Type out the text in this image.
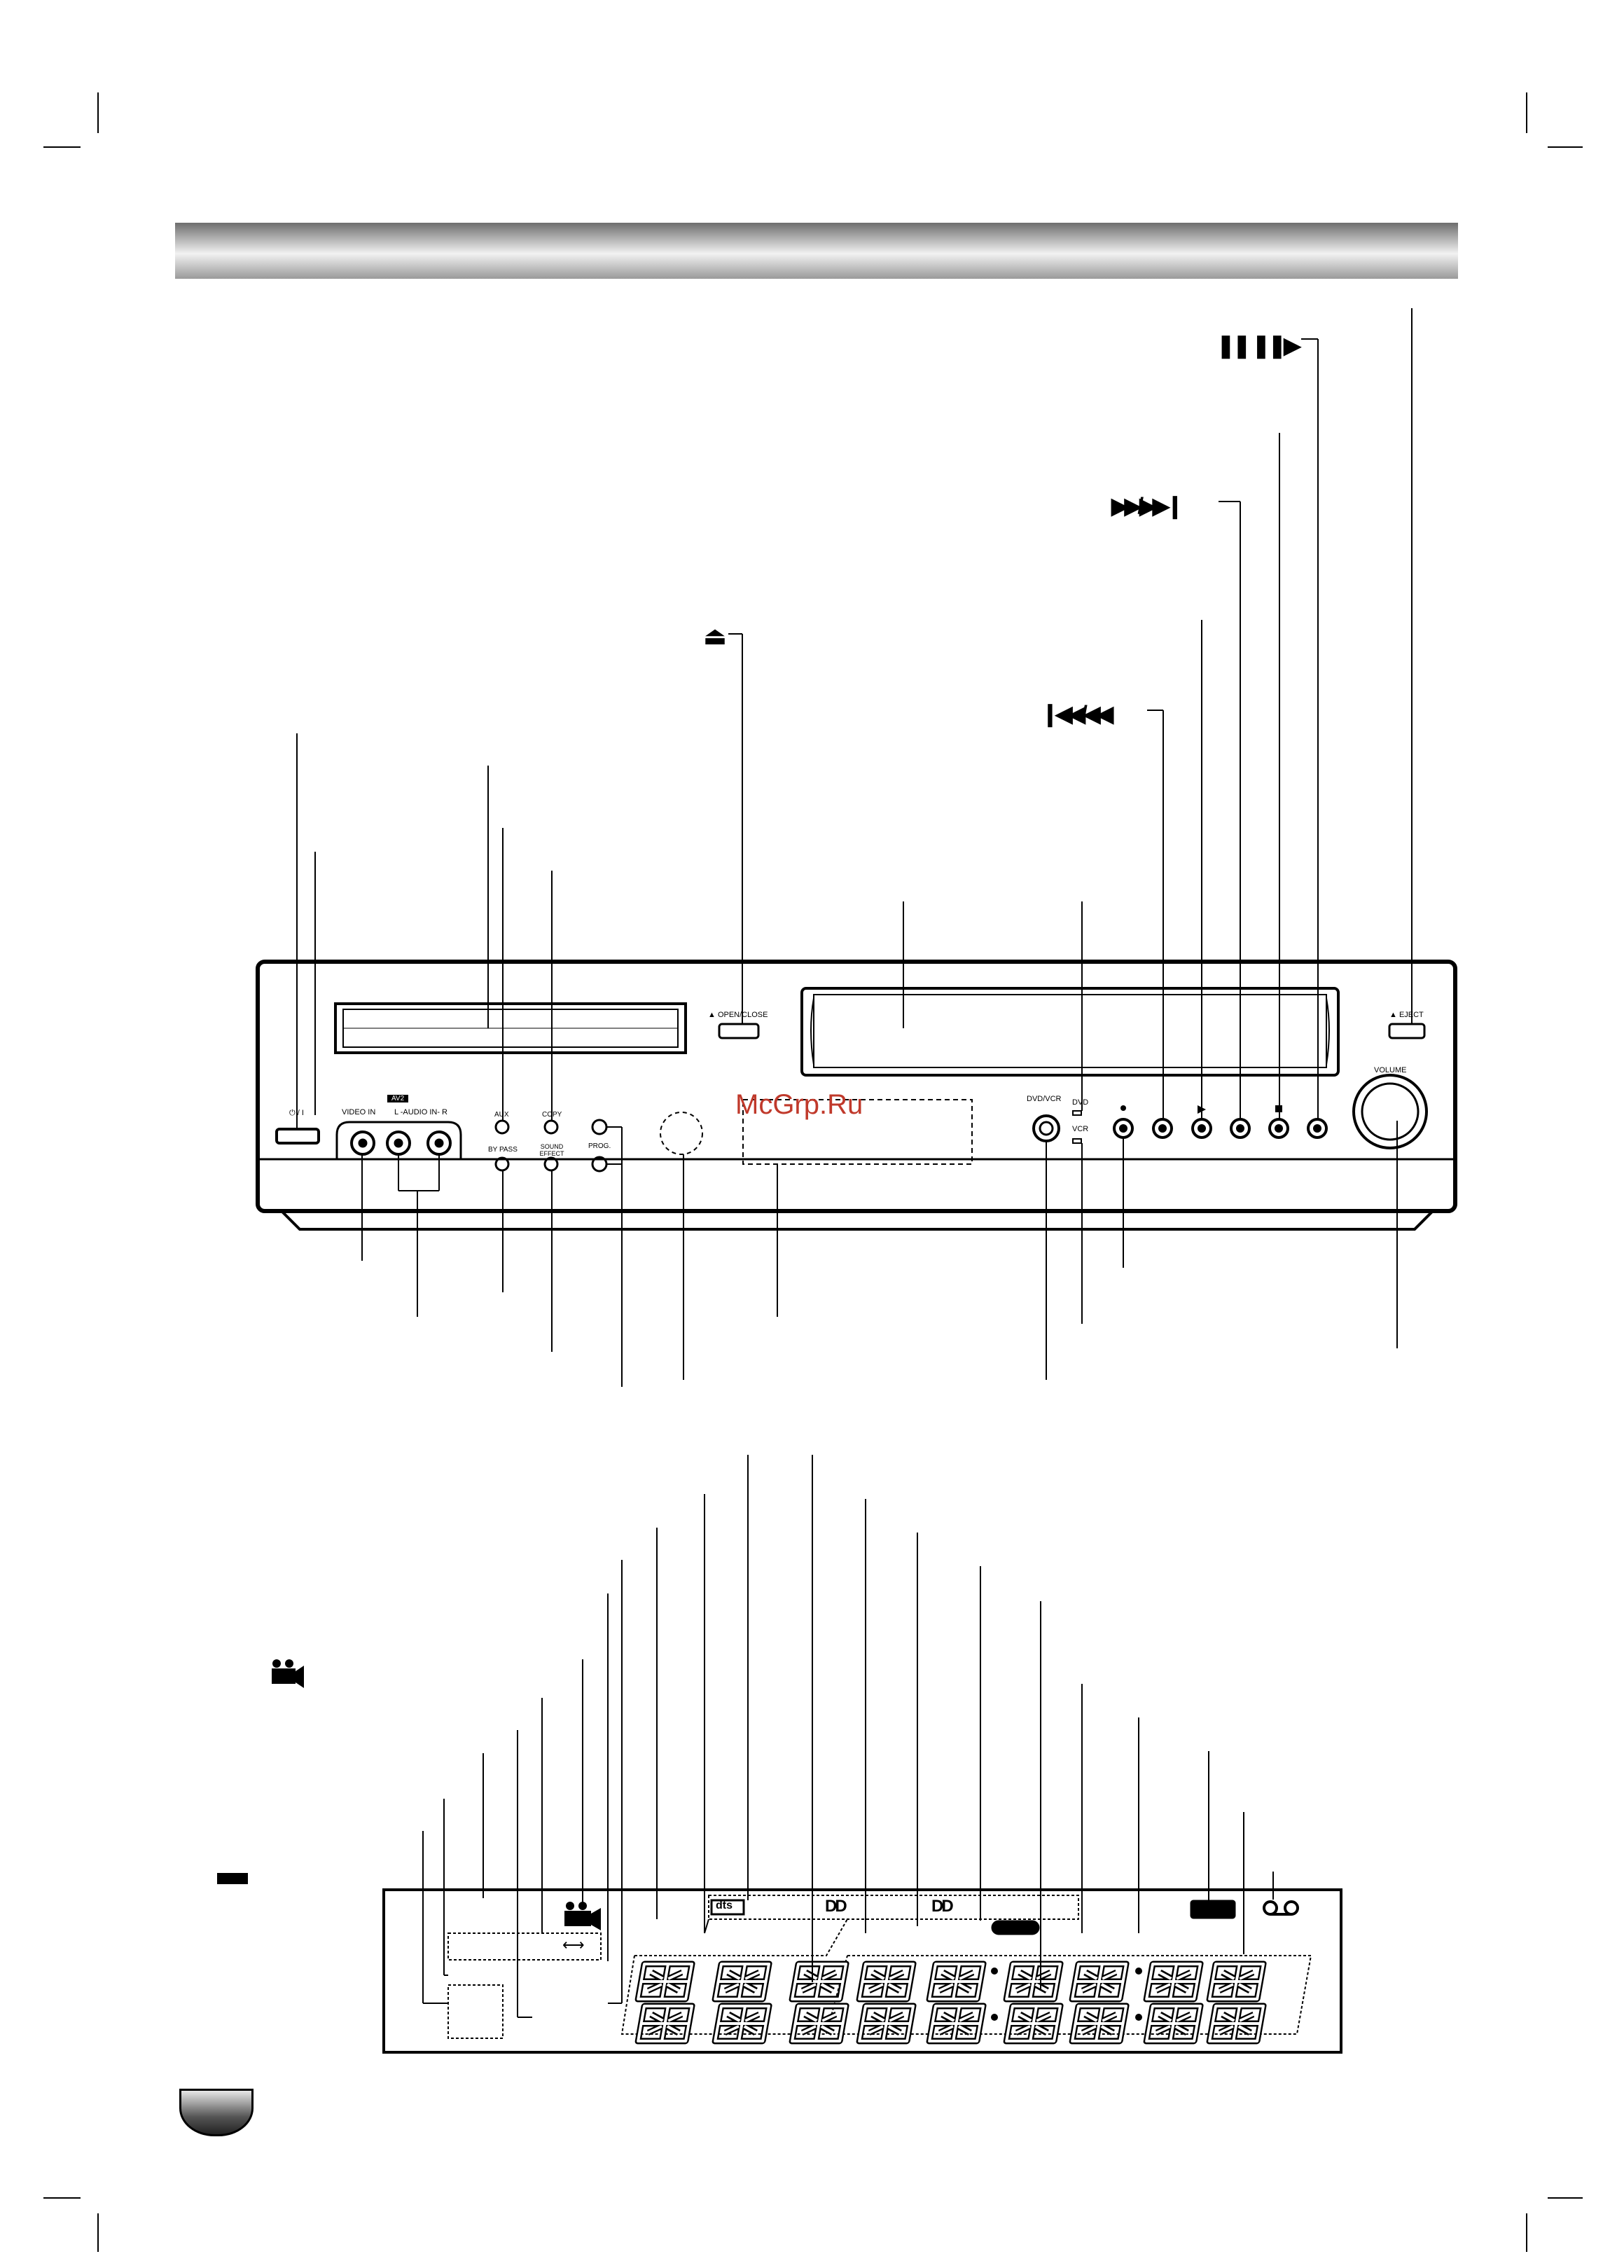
▲ OPEN/CLOSE	▲ EJECT
VOLUME
DVD/VCR DVD
VCR
⏻ / I
AV2
VIDEO IN L -AUDIO IN- R	AUX
BY PASS
COPY
SOUND EFFECT
PROG.
❚❚ ❚❚▶
▶▶/▶▶❙
⏏
❙◀◀/◀◀
dts	DD	DD
⟷
McGrp.Ru
